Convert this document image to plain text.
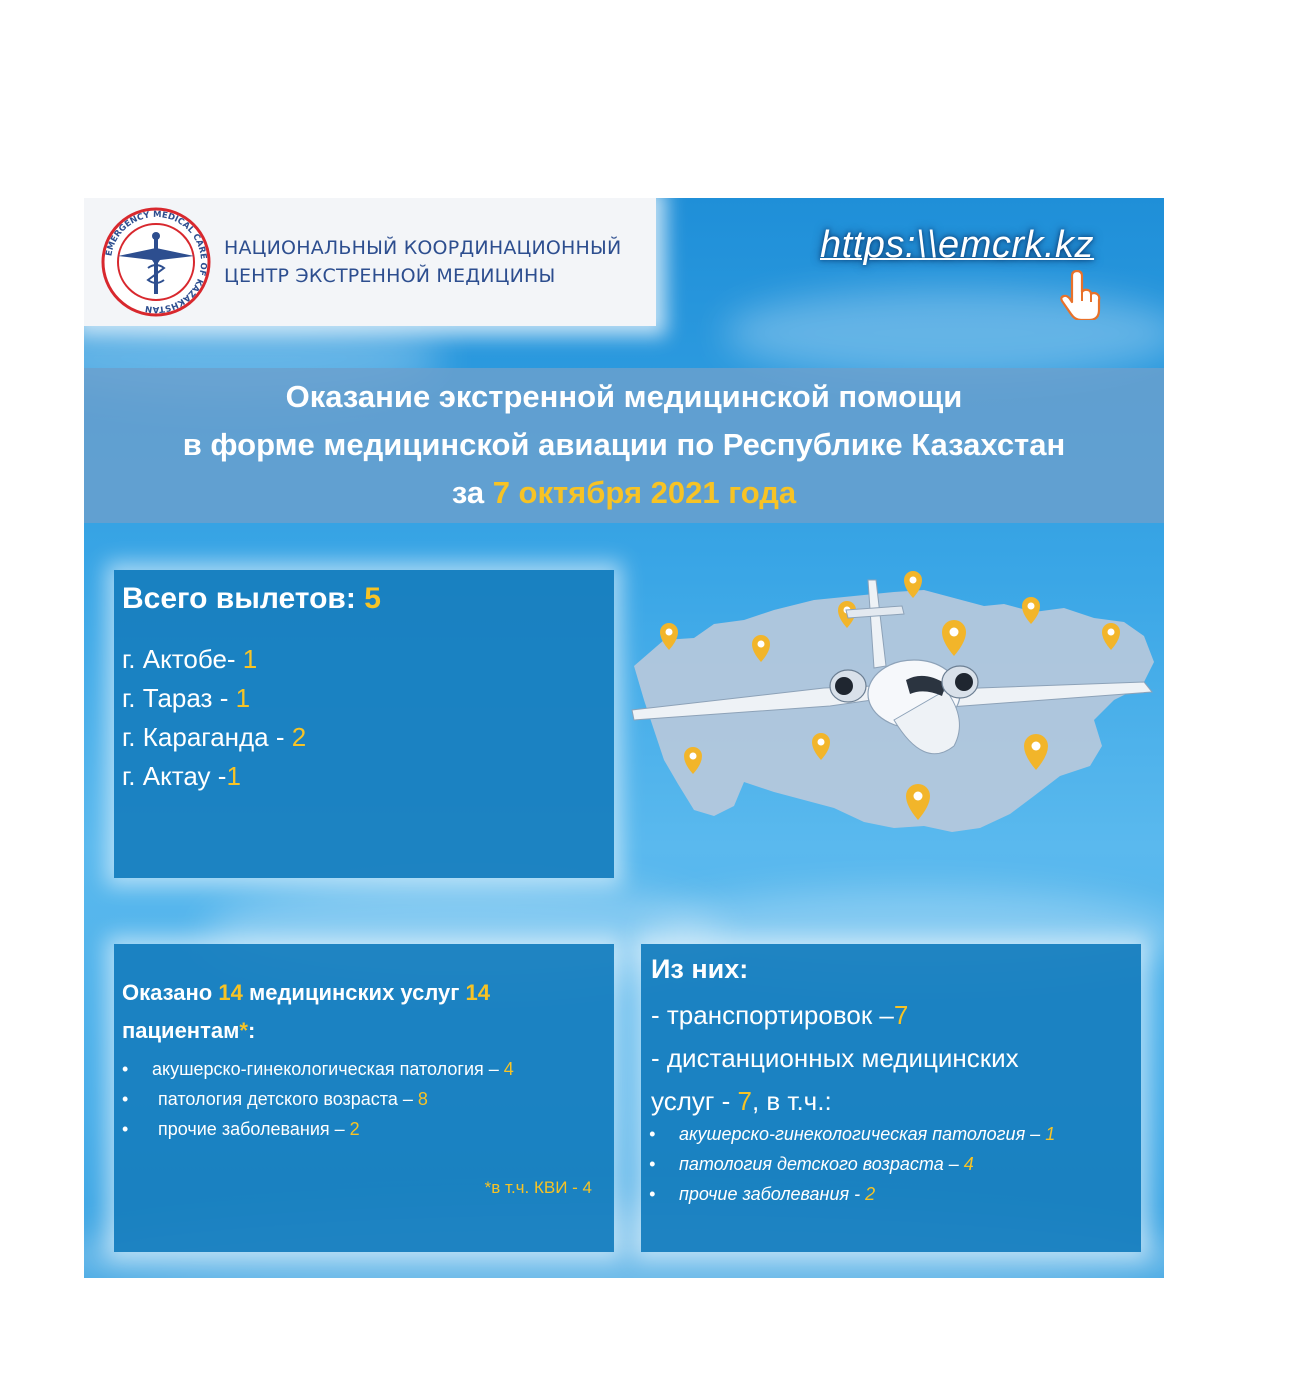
EMERGENCY MEDICAL CARE OF KAZAKHSTAN
НАЦИОНАЛЬНЫЙ КООРДИНАЦИОННЫЙ
ЦЕНТР ЭКСТРЕННОЙ МЕДИЦИНЫ
https:\\emcrk.kz
Оказание экстренной медицинской помощи
в форме медицинской авиации по Республике Казахстан
за 7 октября 2021 года
Всего вылетов: 5
г. Актобе- 1
г. Тараз - 1
г. Караганда - 2
г. Актау -1
Оказано 14 медицинских услуг 14
пациентам*:
• акушерско-гинекологическая патология – 4
• патология детского возраста – 8
• прочие заболевания – 2
*в т.ч. КВИ - 4
Из них:
- транспортировок –7
- дистанционных медицинских
услуг - 7, в т.ч.:
• акушерско-гинекологическая патология – 1
• патология детского возраста – 4
• прочие заболевания - 2
